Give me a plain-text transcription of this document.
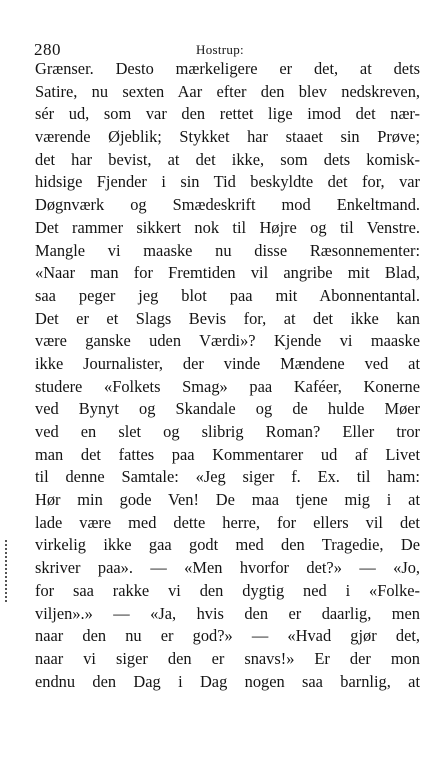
280	Hostrup:
Grænser. Desto mærkeligere er det, at dets
Satire, nu sexten Aar efter den blev nedskreven,
sér ud, som var den rettet lige imod det nær-
værende Øjeblik; Stykket har staaet sin Prøve;
det har bevist, at det ikke, som dets komisk-
hidsige Fjender i sin Tid beskyldte det for, var
Døgnværk og Smædeskrift mod Enkeltmand.
Det rammer sikkert nok til Højre og til Venstre.
Mangle vi maaske nu disse Ræsonnementer:
«Naar man for Fremtiden vil angribe mit Blad,
saa peger jeg blot paa mit Abonnentantal.
Det er et Slags Bevis for, at det ikke kan
være ganske uden Værdi»? Kjende vi maaske
ikke Journalister, der vinde Mændene ved at
studere «Folkets Smag» paa Kaféer, Konerne
ved Bynyt og Skandale og de hulde Møer
ved en slet og slibrig Roman? Eller tror
man det fattes paa Kommentarer ud af Livet
til denne Samtale: «Jeg siger f. Ex. til ham:
Hør min gode Ven! De maa tjene mig i at
lade være med dette herre, for ellers vil det
virkelig ikke gaa godt med den Tragedie, De
skriver paa». — «Men hvorfor det?» — «Jo,
for saa rakke vi den dygtig ned i «Folke-
viljen».» — «Ja, hvis den er daarlig, men
naar den nu er god?» — «Hvad gjør det,
naar vi siger den er snavs!» Er der mon
endnu den Dag i Dag nogen saa barnlig, at
